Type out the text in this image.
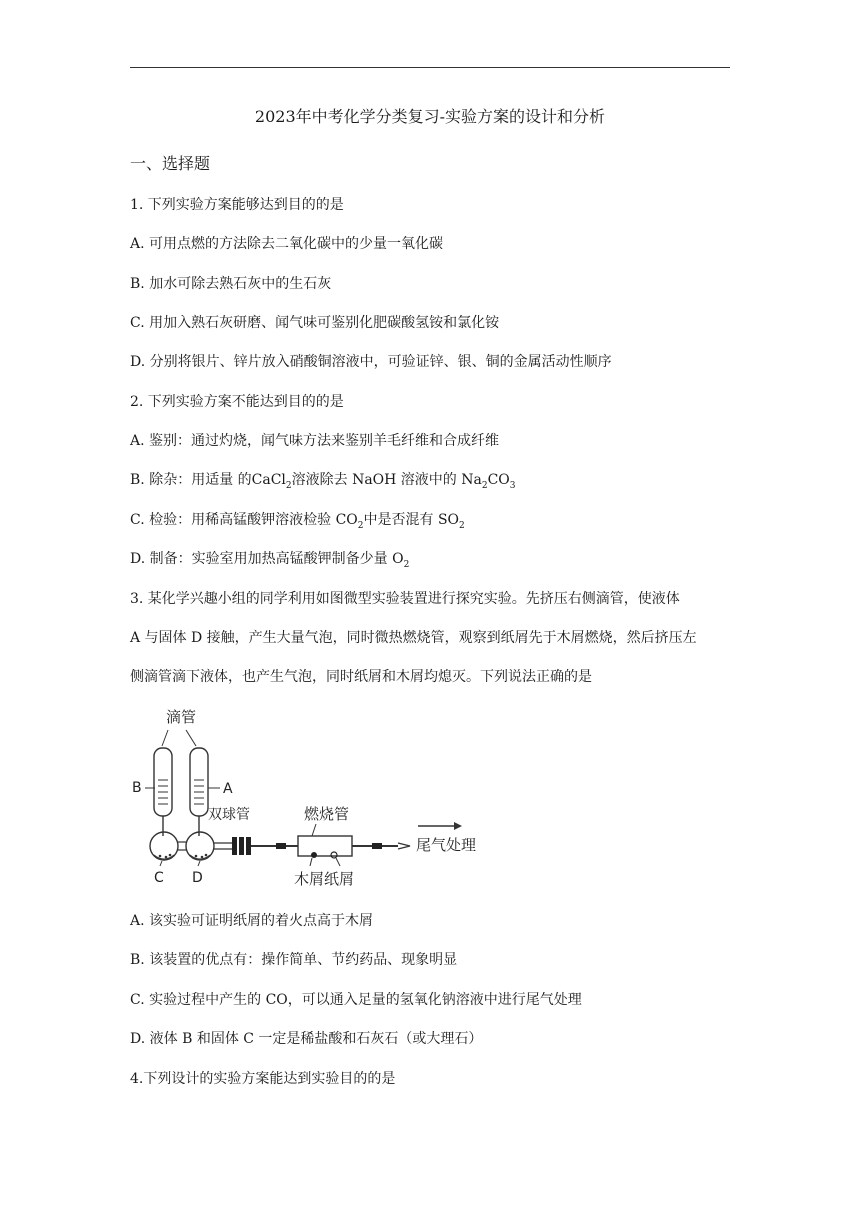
2023年中考化学分类复习-实验方案的设计和分析
一、选择题
1. 下列实验方案能够达到目的的是
A. 可用点燃的方法除去二氧化碳中的少量一氧化碳
B. 加水可除去熟石灰中的生石灰
C. 用加入熟石灰研磨、闻气味可鉴别化肥碳酸氢铵和氯化铵
D. 分别将银片、锌片放入硝酸铜溶液中，可验证锌、银、铜的金属活动性顺序
2. 下列实验方案不能达到目的的是
A. 鉴别：通过灼烧，闻气味方法来鉴别羊毛纤维和合成纤维
B. 除杂：用适量 的CaCl$_2$溶液除去 NaOH 溶液中的 $Na_2CO_3$
C. 检验：用稀高锰酸钾溶液检验 $CO_2$中是否混有 $SO_2$
D. 制备：实验室用加热高锰酸钾制备少量 $O_2$
3. 某化学兴趣小组的同学利用如图微型实验装置进行探究实验。先挤压右侧滴管，使液体
A 与固体 D 接触，产生大量气泡，同时微热燃烧管，观察到纸屑先于木屑燃烧，然后挤压左
侧滴管滴下液体，也产生气泡，同时纸屑和木屑均熄灭。下列说法正确的是
滴管
B	A
双球管
C D
燃烧管
木屑纸屑
尾气处理
A. 该实验可证明纸屑的着火点高于木屑
B. 该装置的优点有：操作简单、节约药品、现象明显
C. 实验过程中产生的 CO，可以通入足量的氢氧化钠溶液中进行尾气处理
D. 液体 B 和固体 C 一定是稀盐酸和石灰石（或大理石）
4.下列设计的实验方案能达到实验目的的是
